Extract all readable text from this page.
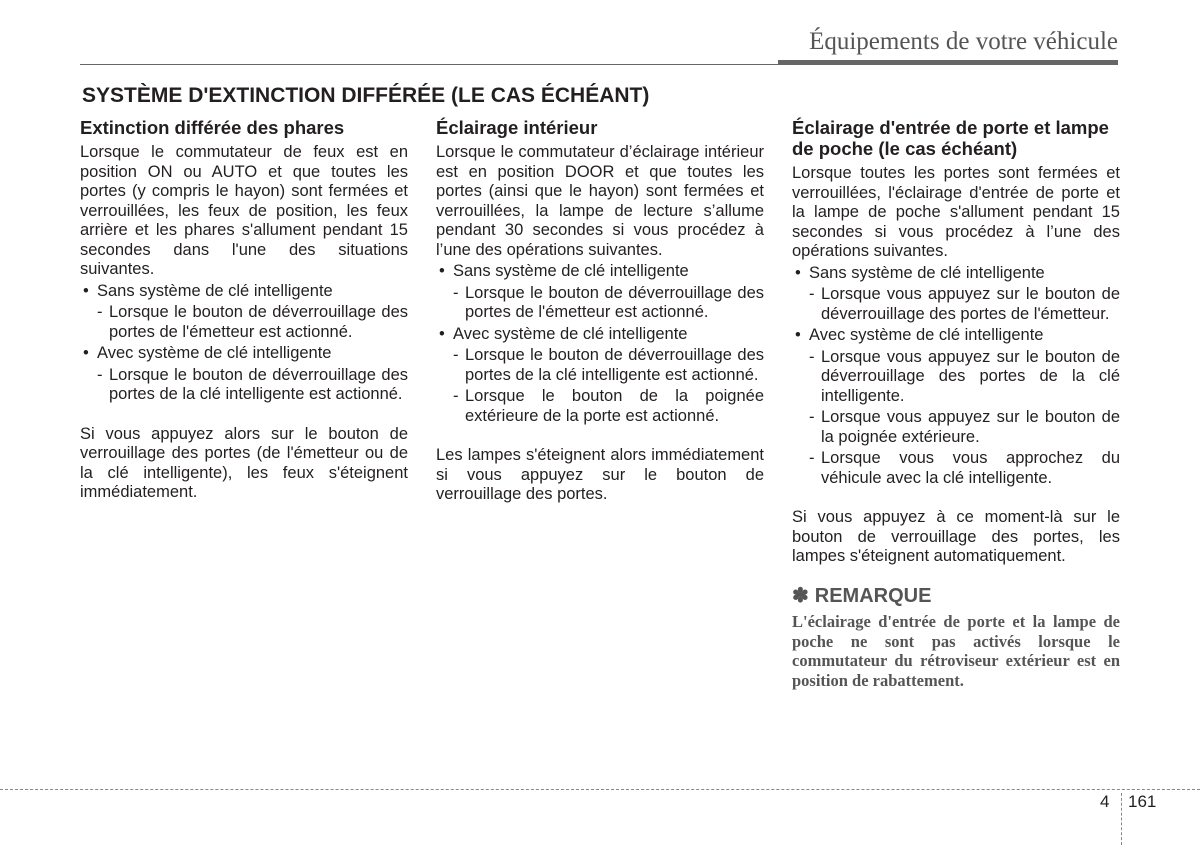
Équipements de votre véhicule
SYSTÈME D'EXTINCTION DIFFÉRÉE (LE CAS ÉCHÉANT)

Extinction différée des phares

Lorsque le commutateur de feux est en position ON ou AUTO et que toutes les portes (y compris le hayon) sont fermées et verrouillées, les feux de position, les feux arrière et les phares s'allument pendant 15 secondes dans l'une des situations suivantes.

• Sans système de clé intelligente
- Lorsque le bouton de déverrouillage des portes de l'émetteur est actionné.
• Avec système de clé intelligente
- Lorsque le bouton de déverrouillage des portes de la clé intelligente est actionné.

Si vous appuyez alors sur le bouton de verrouillage des portes (de l'émetteur ou de la clé intelligente), les feux s'éteignent immédiatement.

Éclairage intérieur

Lorsque le commutateur d’éclairage intérieur est en position DOOR et que toutes les portes (ainsi que le hayon) sont fermées et verrouillées, la lampe de lecture s’allume pendant 30 secondes si vous procédez à l’une des opérations suivantes.

• Sans système de clé intelligente
- Lorsque le bouton de déverrouillage des portes de l'émetteur est actionné.
• Avec système de clé intelligente
- Lorsque le bouton de déverrouillage des portes de la clé intelligente est actionné.
- Lorsque le bouton de la poignée extérieure de la porte est actionné.

Les lampes s'éteignent alors immédiatement si vous appuyez sur le bouton de verrouillage des portes.

Éclairage d'entrée de porte et lampe de poche (le cas échéant)

Lorsque toutes les portes sont fermées et verrouillées, l'éclairage d'entrée de porte et la lampe de poche s'allument pendant 15 secondes si vous procédez à l’une des opérations suivantes.

• Sans système de clé intelligente
- Lorsque vous appuyez sur le bouton de déverrouillage des portes de l'émetteur.
• Avec système de clé intelligente
- Lorsque vous appuyez sur le bouton de déverrouillage des portes de la clé intelligente.
- Lorsque vous appuyez sur le bouton de la poignée extérieure.
- Lorsque vous vous approchez du véhicule avec la clé intelligente.

Si vous appuyez à ce moment-là sur le bouton de verrouillage des portes, les lampes s'éteignent automatiquement.

✽ REMARQUE

L'éclairage d'entrée de porte et la lampe de poche ne sont pas activés lorsque le commutateur du rétroviseur extérieur est en position de rabattement.

4 161
